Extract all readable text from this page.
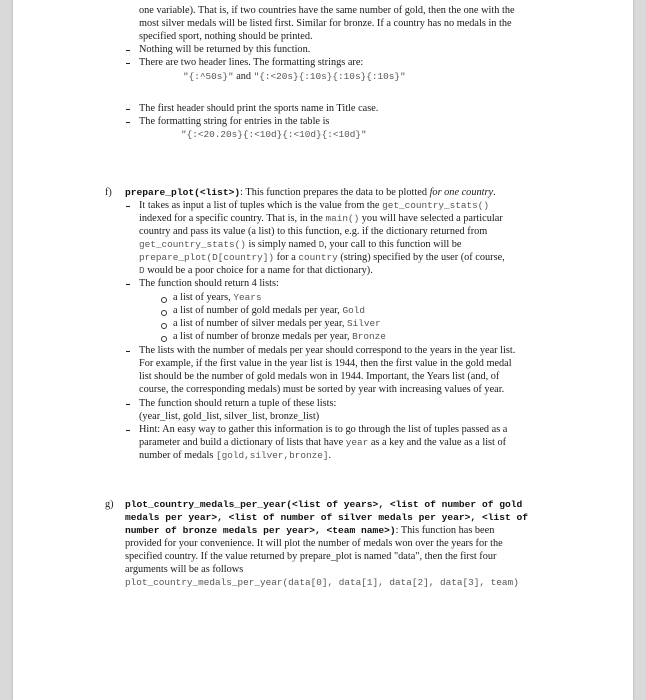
one variable). That is, if two countries have the same number of gold, then the one with the
most silver medals will be listed first. Similar for bronze. If a country has no medals in the
specified sport, nothing should be printed.
Nothing will be returned by this function.
There are two header lines. The formatting strings are:
"{:^50s}" and "{:<20s}{:10s}{:10s}{:10s}"
The first header should print the sports name in Title case.
The formatting string for entries in the table is
"{:<20.20s}{:<10d}{:<10d}{:<10d}"
f) prepare_plot(<list>): This function prepares the data to be plotted for one country.
It takes as input a list of tuples which is the value from the get_country_stats()
indexed for a specific country. That is, in the main() you will have selected a particular
country and pass its value (a list) to this function, e.g. if the dictionary returned from
get_country_stats() is simply named D, your call to this function will be
prepare_plot(D[country]) for a country (string) specified by the user (of course,
D would be a poor choice for a name for that dictionary).
The function should return 4 lists:
a list of years, Years
a list of number of gold medals per year, Gold
a list of number of silver medals per year, Silver
a list of number of bronze medals per year, Bronze
The lists with the number of medals per year should correspond to the years in the year list.
For example, if the first value in the year list is 1944, then the first value in the gold medal
list should be the number of gold medals won in 1944. Important, the Years list (and, of
course, the corresponding medals) must be sorted by year with increasing values of year.
The function should return a tuple of these lists:
(year_list, gold_list, silver_list, bronze_list)
Hint: An easy way to gather this information is to go through the list of tuples passed as a
parameter and build a dictionary of lists that have year as a key and the value as a list of
number of medals [gold,silver,bronze].
g) plot_country_medals_per_year(<list of years>, <list of number of gold
medals per year>, <list of number of silver medals per year>, <list of
number of bronze medals per year>, <team name>): This function has been
provided for your convenience. It will plot the number of medals won over the years for the
specified country. If the value returned by prepare_plot is named "data", then the first four
arguments will be as follows
plot_country_medals_per_year(data[0], data[1], data[2], data[3], team)
